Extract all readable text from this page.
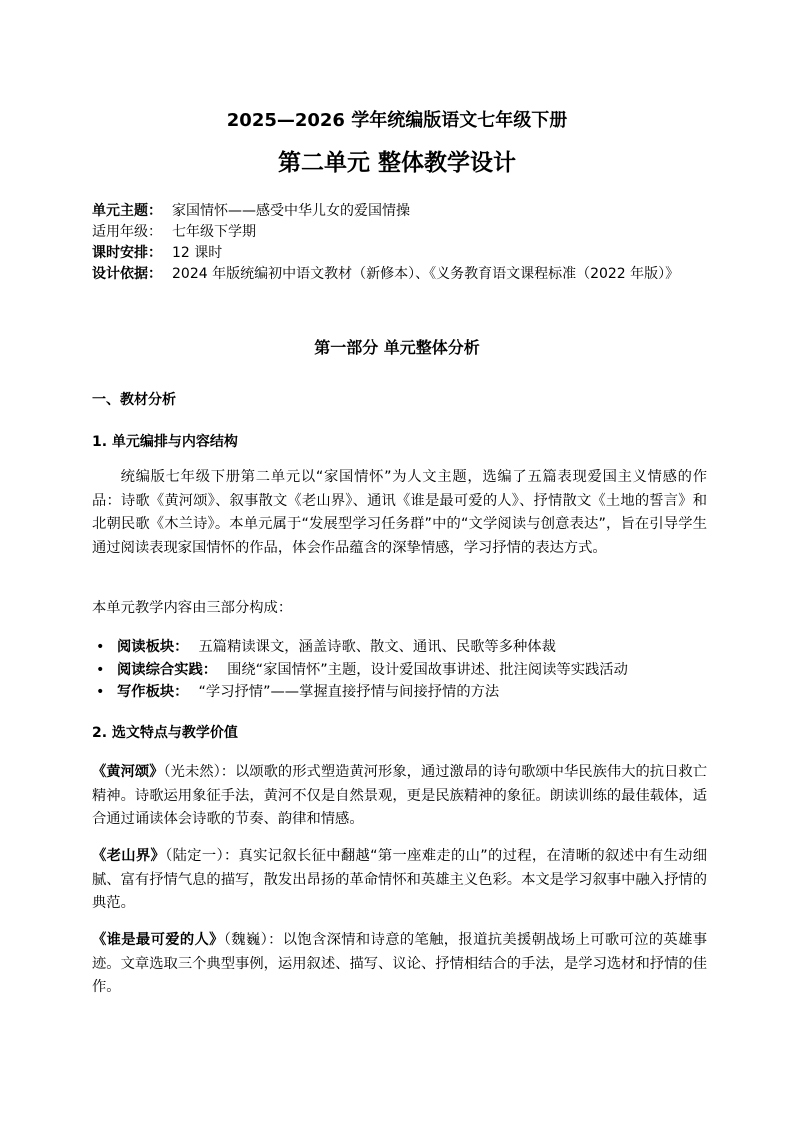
2025—2026 学年统编版语文七年级下册
第二单元 整体教学设计
单元主题： 家国情怀——感受中华儿女的爱国情操
适用年级： 七年级下学期
课时安排： 12 课时
设计依据： 2024 年版统编初中语文教材（新修本）、《义务教育语文课程标准（2022 年版）》
第一部分 单元整体分析
一、教材分析
1. 单元编排与内容结构
统编版七年级下册第二单元以“家国情怀”为人文主题，选编了五篇表现爱国主义情感的作品：诗歌《黄河颂》、叙事散文《老山界》、通讯《谁是最可爱的人》、抒情散文《土地的誓言》和北朝民歌《木兰诗》。本单元属于“发展型学习任务群”中的“文学阅读与创意表达”，旨在引导学生通过阅读表现家国情怀的作品，体会作品蕴含的深挚情感，学习抒情的表达方式。
本单元教学内容由三部分构成：
• 阅读板块： 五篇精读课文，涵盖诗歌、散文、通讯、民歌等多种体裁
• 阅读综合实践： 围绕“家国情怀”主题，设计爱国故事讲述、批注阅读等实践活动
• 写作板块： “学习抒情”——掌握直接抒情与间接抒情的方法
2. 选文特点与教学价值
《黄河颂》（光未然）：以颂歌的形式塑造黄河形象，通过激昂的诗句歌颂中华民族伟大的抗日救亡精神。诗歌运用象征手法，黄河不仅是自然景观，更是民族精神的象征。朗读训练的最佳载体，适合通过诵读体会诗歌的节奏、韵律和情感。
《老山界》（陆定一）：真实记叙长征中翻越“第一座难走的山”的过程，在清晰的叙述中有生动细腻、富有抒情气息的描写，散发出昂扬的革命情怀和英雄主义色彩。本文是学习叙事中融入抒情的典范。
《谁是最可爱的人》（魏巍）：以饱含深情和诗意的笔触，报道抗美援朝战场上可歌可泣的英雄事迹。文章选取三个典型事例，运用叙述、描写、议论、抒情相结合的手法，是学习选材和抒情的佳作。
